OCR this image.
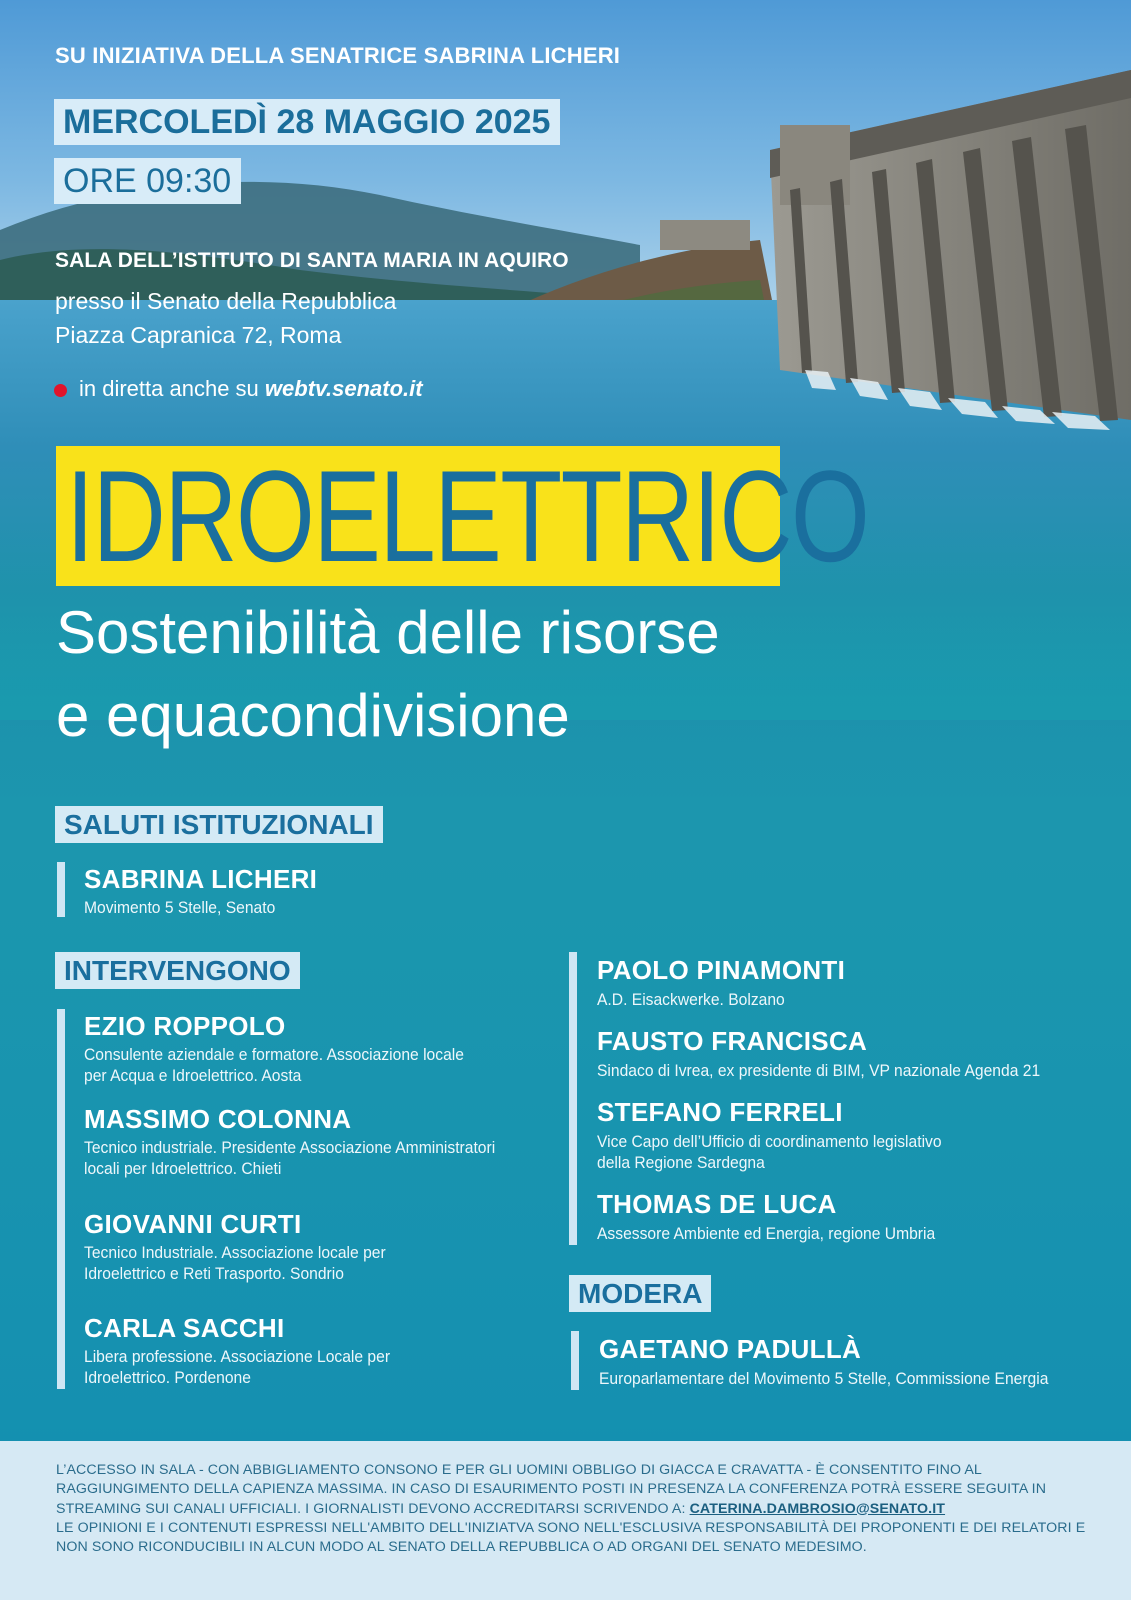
SU INIZIATIVA DELLA SENATRICE SABRINA LICHERI
MERCOLEDÌ 28 MAGGIO 2025
ORE 09:30
SALA DELL’ISTITUTO DI SANTA MARIA IN AQUIRO
presso il Senato della Repubblica
Piazza Capranica 72, Roma
in diretta anche su webtv.senato.it
IDROELETTRICO
Sostenibilità delle risorse
e equacondivisione
SALUTI ISTITUZIONALI
SABRINA LICHERI
Movimento 5 Stelle, Senato
INTERVENGONO
EZIO ROPPOLO
Consulente aziendale e formatore. Associazione locale
per Acqua e Idroelettrico. Aosta
MASSIMO COLONNA
Tecnico industriale. Presidente Associazione Amministratori
locali per Idroelettrico. Chieti
GIOVANNI CURTI
Tecnico Industriale. Associazione locale per
Idroelettrico e Reti Trasporto. Sondrio
CARLA SACCHI
Libera professione. Associazione Locale per
Idroelettrico. Pordenone
PAOLO PINAMONTI
A.D. Eisackwerke. Bolzano
FAUSTO FRANCISCA
Sindaco di Ivrea, ex presidente di BIM, VP nazionale Agenda 21
STEFANO FERRELI
Vice Capo dell’Ufficio di coordinamento legislativo
della Regione Sardegna
THOMAS DE LUCA
Assessore Ambiente ed Energia, regione Umbria
MODERA
GAETANO PADULLÀ
Europarlamentare del Movimento 5 Stelle, Commissione Energia
L’ACCESSO IN SALA - CON ABBIGLIAMENTO CONSONO E PER GLI UOMINI OBBLIGO DI GIACCA E CRAVATTA - È CONSENTITO FINO AL RAGGIUNGIMENTO DELLA CAPIENZA MASSIMA. IN CASO DI ESAURIMENTO POSTI IN PRESENZA LA CONFERENZA POTRÀ ESSERE SEGUITA IN STREAMING SUI CANALI UFFICIALI. I GIORNALISTI DEVONO ACCREDITARSI SCRIVENDO A: CATERINA.DAMBROSIO@SENATO.IT
LE OPINIONI E I CONTENUTI ESPRESSI NELL'AMBITO DELL'INIZIATVA SONO NELL'ESCLUSIVA RESPONSABILITÀ DEI PROPONENTI E DEI RELATORI E NON SONO RICONDUCIBILI IN ALCUN MODO AL SENATO DELLA REPUBBLICA O AD ORGANI DEL SENATO MEDESIMO.
